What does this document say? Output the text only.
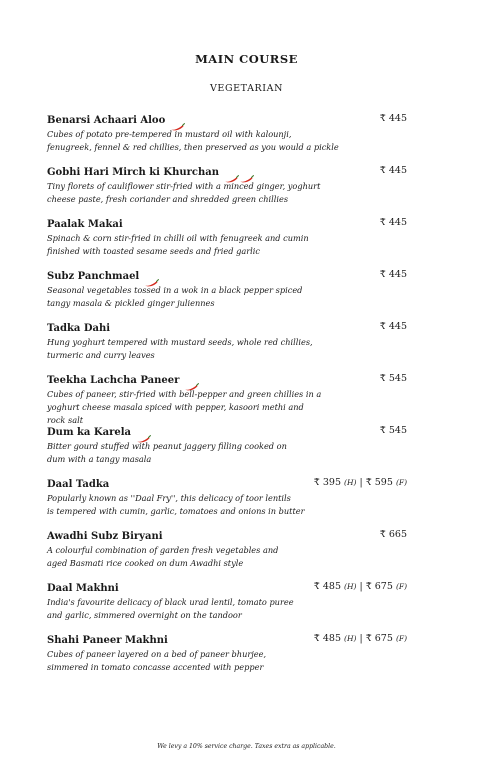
MAIN COURSE
VEGETARIAN
Benarsi Achaari Aloo	₹ 445
Cubes of potato pre-tempered in mustard oil with kalounji,
fenugreek, fennel & red chillies, then preserved as you would a pickle
Gobhi Hari Mirch ki Khurchan	₹ 445
Tiny florets of cauliflower stir-fried with a minced ginger, yoghurt
cheese paste, fresh coriander and shredded green chillies
Paalak Makai	₹ 445
Spinach & corn stir-fried in chilli oil with fenugreek and cumin
finished with toasted sesame seeds and fried garlic
Subz Panchmael	₹ 445
Seasonal vegetables tossed in a wok in a black pepper spiced
tangy masala & pickled ginger juliennes
Tadka Dahi	₹ 445
Hung yoghurt tempered with mustard seeds, whole red chillies,
turmeric and curry leaves
Teekha Lachcha Paneer	₹ 545
Cubes of paneer, stir-fried with bell-pepper and green chillies in a
yoghurt cheese masala spiced with pepper, kasoori methi and
rock salt
Dum ka Karela	₹ 545
Bitter gourd stuffed with peanut jaggery filling cooked on
dum with a tangy masala
Daal Tadka	₹ 395 (H) | ₹ 595 (F)
Popularly known as ''Daal Fry'', this delicacy of toor lentils
is tempered with cumin, garlic, tomatoes and onions in butter
Awadhi Subz Biryani	₹ 665
A colourful combination of garden fresh vegetables and
aged Basmati rice cooked on dum Awadhi style
Daal Makhni	₹ 485 (H) | ₹ 675 (F)
India's favourite delicacy of black urad lentil, tomato puree
and garlic, simmered overnight on the tandoor
Shahi Paneer Makhni	₹ 485 (H) | ₹ 675 (F)
Cubes of paneer layered on a bed of paneer bhurjee,
simmered in tomato concasse accented with pepper
We levy a 10% service charge. Taxes extra as applicable.
